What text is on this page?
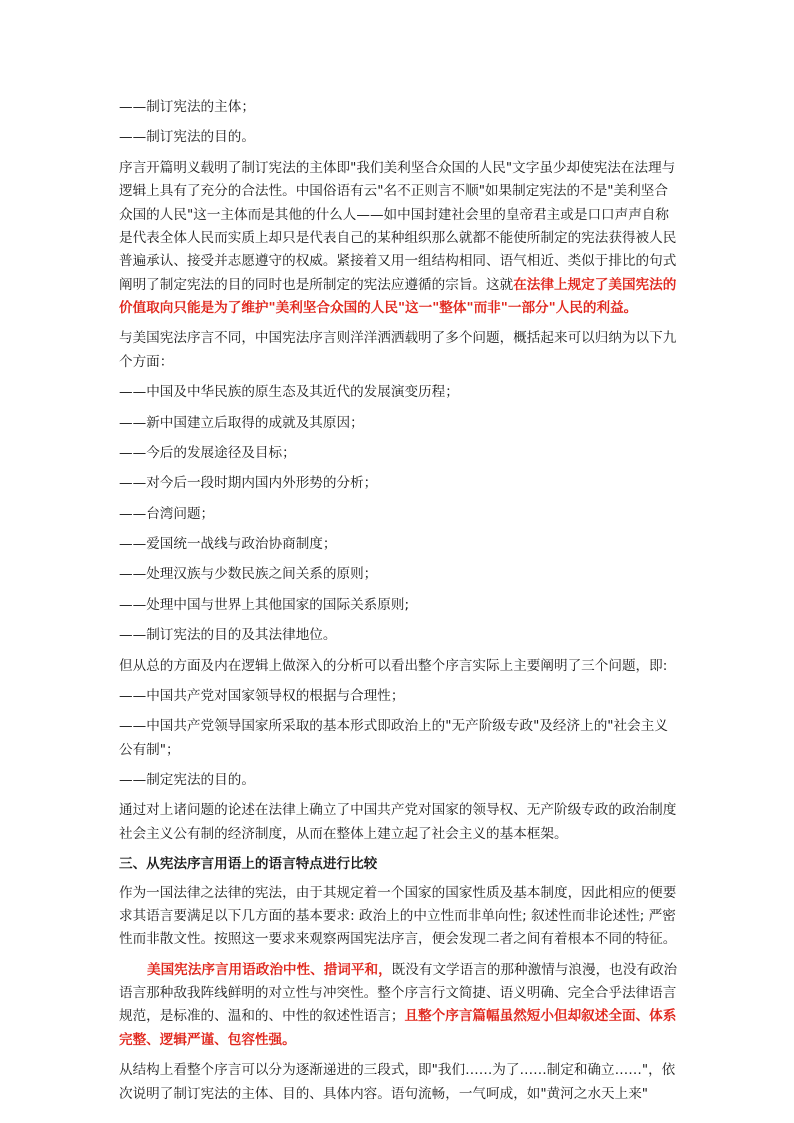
——制订宪法的主体；

——制订宪法的目的。

序言开篇明义载明了制订宪法的主体即"我们美利坚合众国的人民"文字虽少却使宪法在法理与逻辑上具有了充分的合法性。中国俗语有云"名不正则言不顺"如果制定宪法的不是"美利坚合众国的人民"这一主体而是其他的什么人——如中国封建社会里的皇帝君主或是口口声声自称是代表全体人民而实质上却只是代表自己的某种组织那么就都不能使所制定的宪法获得被人民普遍承认、接受并志愿遵守的权威。紧接着又用一组结构相同、语气相近、类似于排比的句式阐明了制定宪法的目的同时也是所制定的宪法应遵循的宗旨。这就在法律上规定了美国宪法的价值取向只能是为了维护"美利坚合众国的人民"这一"整体"而非"一部分"人民的利益。

与美国宪法序言不同，中国宪法序言则洋洋洒洒载明了多个问题，概括起来可以归纳为以下九个方面：

——中国及中华民族的原生态及其近代的发展演变历程；

——新中国建立后取得的成就及其原因；

——今后的发展途径及目标；

——对今后一段时期内国内外形势的分析；

——台湾问题；

——爱国统一战线与政治协商制度；

——处理汉族与少数民族之间关系的原则；

——处理中国与世界上其他国家的国际关系原则;

——制订宪法的目的及其法律地位。

但从总的方面及内在逻辑上做深入的分析可以看出整个序言实际上主要阐明了三个问题，即:

——中国共产党对国家领导权的根据与合理性；

——中国共产党领导国家所采取的基本形式即政治上的"无产阶级专政"及经济上的"社会主义公有制"；

——制定宪法的目的。

通过对上诸问题的论述在法律上确立了中国共产党对国家的领导权、无产阶级专政的政治制度社会主义公有制的经济制度，从而在整体上建立起了社会主义的基本框架。

三、从宪法序言用语上的语言特点进行比较

作为一国法律之法律的宪法，由于其规定着一个国家的国家性质及基本制度，因此相应的便要求其语言要满足以下几方面的基本要求: 政治上的中立性而非单向性; 叙述性而非论述性; 严密性而非散文性。按照这一要求来观察两国宪法序言，便会发现二者之间有着根本不同的特征。

美国宪法序言用语政治中性、措词平和，既没有文学语言的那种激情与浪漫，也没有政治语言那种敌我阵线鲜明的对立性与冲突性。整个序言行文简捷、语义明确、完全合乎法律语言规范，是标准的、温和的、中性的叙述性语言；且整个序言篇幅虽然短小但却叙述全面、体系完整、逻辑严谨、包容性强。

从结构上看整个序言可以分为逐渐递进的三段式，即"我们……为了……制定和确立……"，依次说明了制订宪法的主体、目的、具体内容。语句流畅，一气呵成，如"黄河之水天上来"
